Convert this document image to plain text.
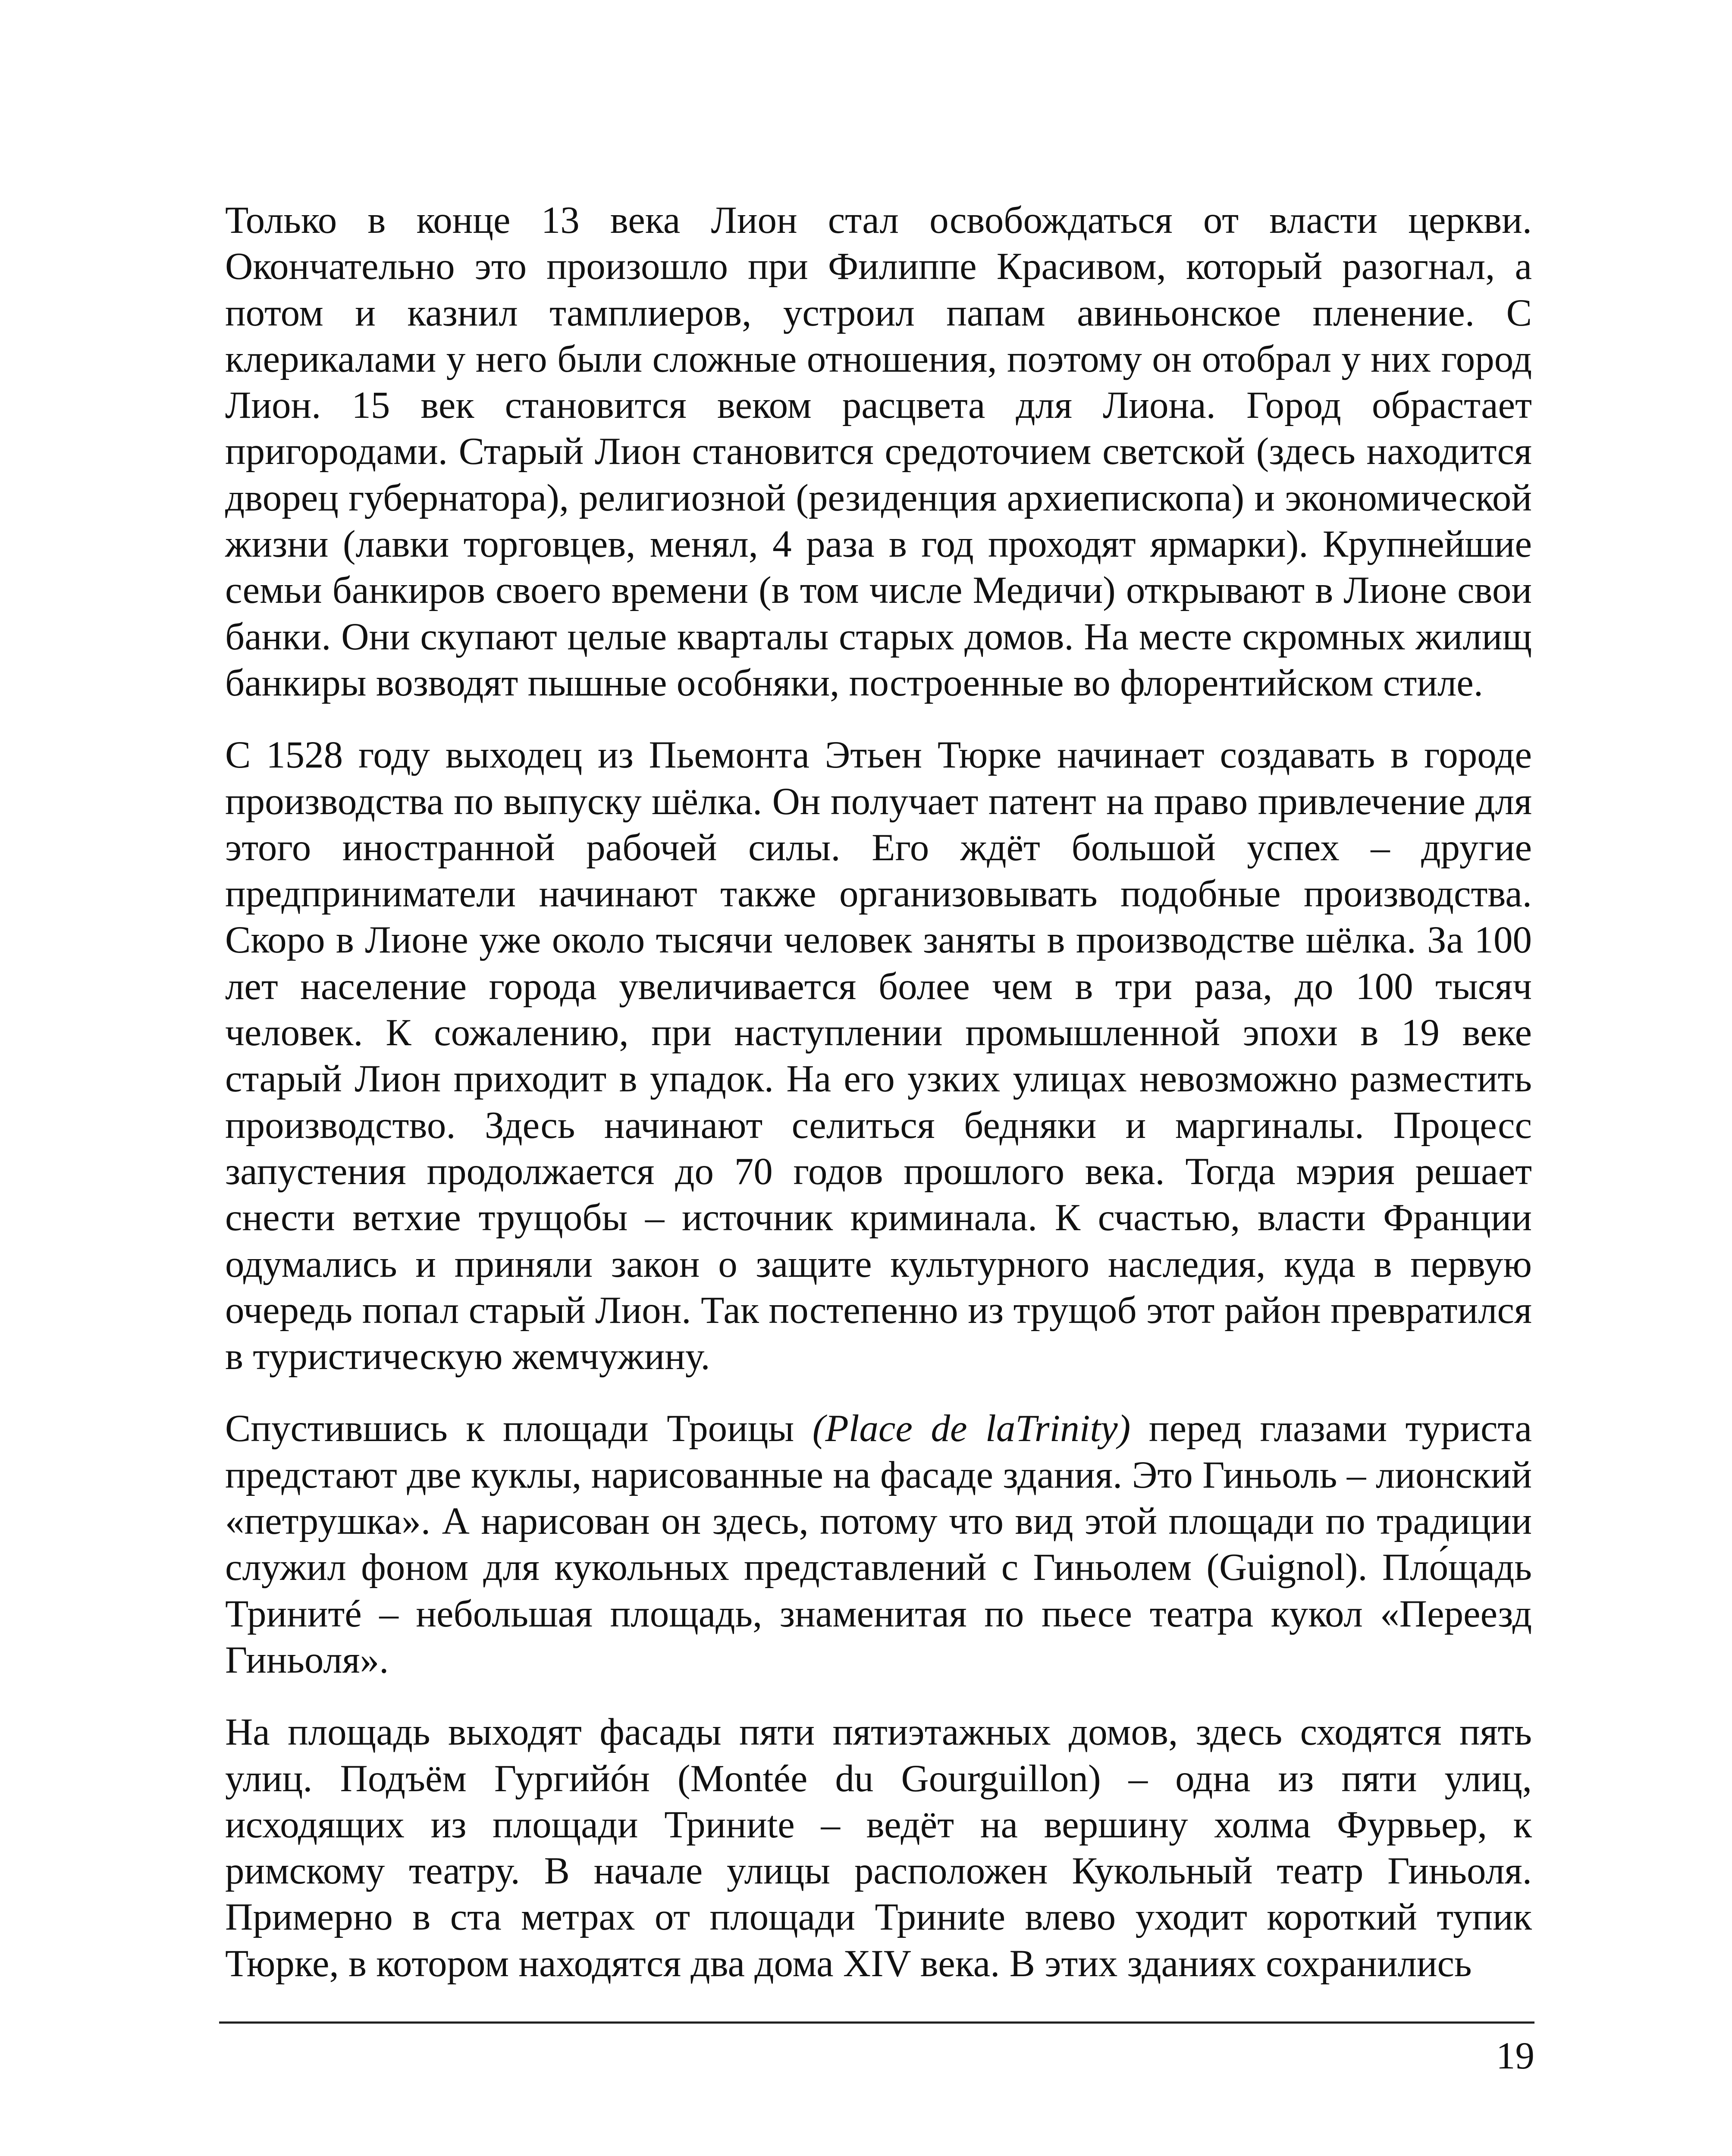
Только в конце 13 века Лион стал освобождаться от власти церкви. Окончательно это произошло при Филиппе Красивом, который разогнал, а потом и казнил тамплиеров, устроил папам авиньонское пленение. С клерикалами у него были сложные отношения, поэтому он отобрал у них город Лион. 15 век становится веком расцвета для Лиона. Город обрастает пригородами. Старый Лион становится средоточием светской (здесь находится дворец губернатора), религиозной (резиденция архиепископа) и экономической жизни (лавки торговцев, менял, 4 раза в год проходят ярмарки). Крупнейшие семьи банкиров своего времени (в том числе Медичи) открывают в Лионе свои банки. Они скупают целые кварталы старых домов. На месте скромных жилищ банкиры возводят пышные особняки, построенные во флорентийском стиле.

С 1528 году выходец из Пьемонта Этьен Тюрке начинает создавать в городе производства по выпуску шёлка. Он получает патент на право привлечение для этого иностранной рабочей силы. Его ждёт большой успех – другие предприниматели начинают также организовывать подобные производства. Скоро в Лионе уже около тысячи человек заняты в производстве шёлка. За 100 лет население города увеличивается более чем в три раза, до 100 тысяч человек. К сожалению, при наступлении промышленной эпохи в 19 веке старый Лион приходит в упадок. На его узких улицах невозможно разместить производство. Здесь начинают селиться бедняки и маргиналы. Процесс запустения продолжается до 70 годов прошлого века. Тогда мэрия решает снести ветхие трущобы – источник криминала. К счастью, власти Франции одумались и приняли закон о защите культурного наследия, куда в первую очередь попал старый Лион. Так постепенно из трущоб этот район превратился в туристическую жемчужину.

Спустившись к площади Троицы (Place de laTrinity) перед глазами туриста предстают две куклы, нарисованные на фасаде здания. Это Гиньоль – лионский «петрушка». А нарисован он здесь, потому что вид этой площади по традиции служил фоном для кукольных представлений с Гиньолем (Guignol). Пло́щадь Тринитé – небольшая площадь, знаменитая по пьесе театра кукол «Переезд Гиньоля».

На площадь выходят фасады пяти пятиэтажных домов, здесь сходятся пять улиц. Подъём Гургийóн (Montée du Gourguillon) – одна из пяти улиц, исходящих из площади Триниte – ведёт на вершину холма Фурвьер, к римскому театру. В начале улицы расположен Кукольный театр Гиньоля. Примерно в ста метрах от площади Триниte влево уходит короткий тупик Тюрке, в котором находятся два дома XIV века. В этих зданиях сохранились

19
